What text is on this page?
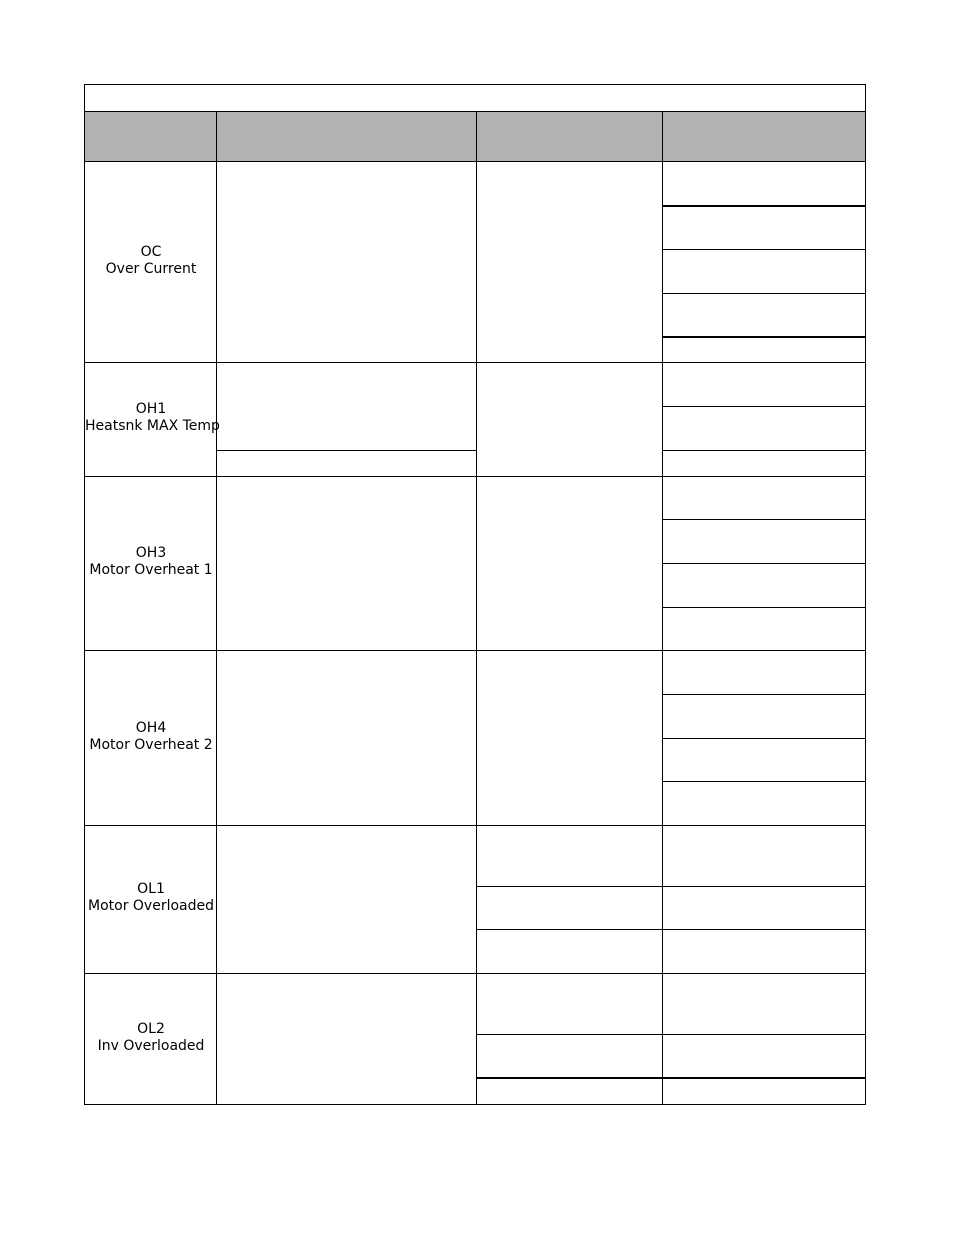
OC
Over Current
OH1
Heatsnk MAX Temp
OH3
Motor Overheat 1
OH4
Motor Overheat 2
OL1
Motor Overloaded
OL2
Inv Overloaded
